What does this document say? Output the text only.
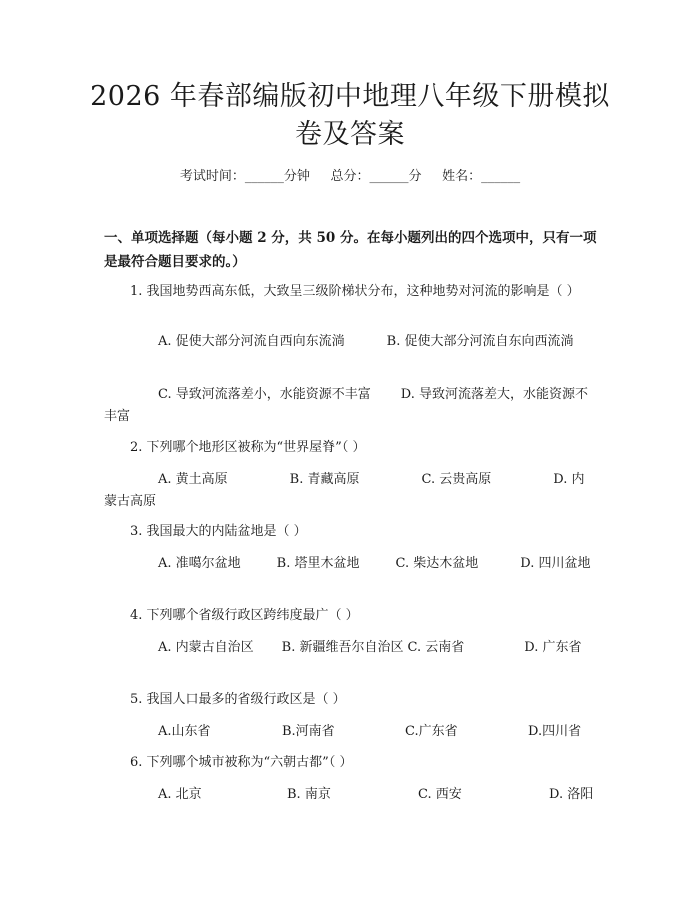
2026 年春部编版初中地理八年级下册模拟卷及答案
考试时间：______分钟     总分：______分     姓名：______
一、单项选择题（每小题 2 分，共 50 分。在每小题列出的四个选项中，只有一项是最符合题目要求的。）
1. 我国地势西高东低，大致呈三级阶梯状分布，这种地势对河流的影响是（ ）
A. 促使大部分河流自西向东流淌	B. 促使大部分河流自东向西流淌
C. 导致河流落差小，水能资源不丰富 D. 导致河流落差大，水能资源不丰富
2. 下列哪个地形区被称为“世界屋脊”（ ）
A. 黄土高原	B. 青藏高原	C. 云贵高原	D. 内蒙古高原
3. 我国最大的内陆盆地是（ ）
A. 准噶尔盆地	B. 塔里木盆地	C. 柴达木盆地	D. 四川盆地
4. 下列哪个省级行政区跨纬度最广（ ）
A. 内蒙古自治区 B. 新疆维吾尔自治区 C. 云南省	D. 广东省
5. 我国人口最多的省级行政区是（ ）
A.山东省	B.河南省	C.广东省	D.四川省
6. 下列哪个城市被称为“六朝古都”（ ）
A. 北京	B. 南京	C. 西安	D. 洛阳
